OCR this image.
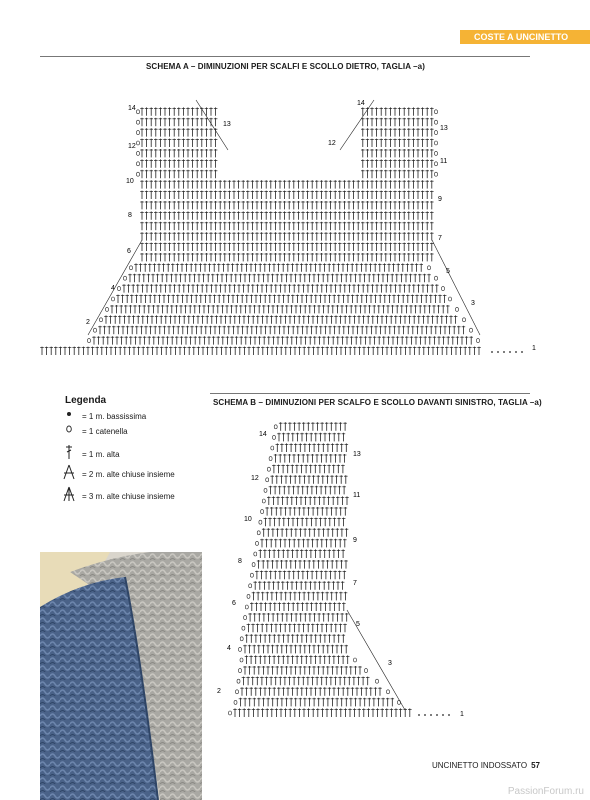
COSTE A UNCINETTO
SCHEMA A – DIMINUZIONI PER SCALFI E SCOLLO DIETRO, TAGLIA –a)
14
12
10
8
6
4
2
13
14
12
13
11
9
7
5
3
1
Legenda
= 1 m. bassissima
= 1 catenella
= 1 m. alta
= 2 m. alte chiuse insieme
= 3 m. alte chiuse insieme
SCHEMA B – DIMINUZIONI PER SCALFO E SCOLLO DAVANTI SINISTRO, TAGLIA –a)
14
12
10
8
6
4
2
13
11
9
7
5
3
1
UNCINETTO INDOSSATO 57
PassionForum.ru
